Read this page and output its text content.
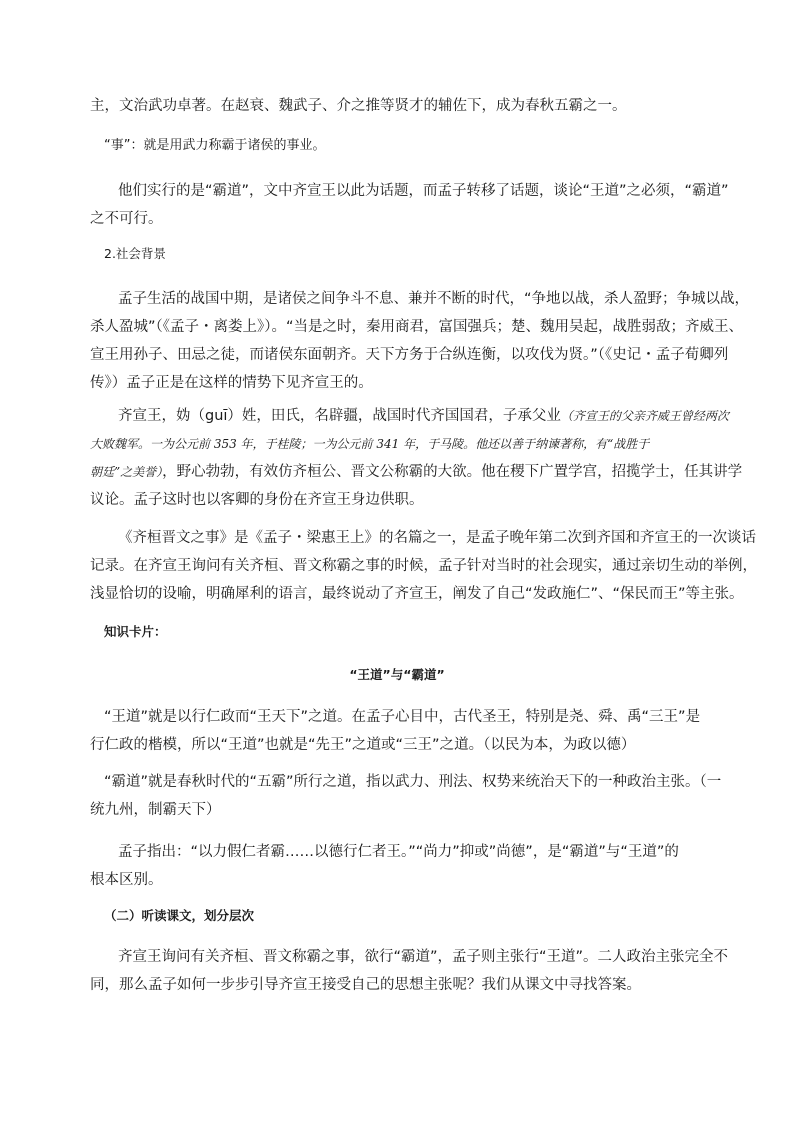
主，文治武功卓著。在赵衰、魏武子、介之推等贤才的辅佐下，成为春秋五霸之一。

“事”：就是用武力称霸于诸侯的事业。

他们实行的是“霸道”，文中齐宣王以此为话题，而孟子转移了话题，谈论“王道”之必须，“霸道”
之不可行。

2.社会背景

孟子生活的战国中期，是诸侯之间争斗不息、兼并不断的时代，“争地以战，杀人盈野；争城以战，
杀人盈城”（《孟子・离娄上》）。“当是之时，秦用商君，富国强兵；楚、魏用吴起，战胜弱敌；齐威王、
宣王用孙子、田忌之徒，而诸侯东面朝齐。天下方务于合纵连衡，以攻伐为贤。”（《史记・孟子荀卿列
传》）孟子正是在这样的情势下见齐宣王的。

齐宣王，妫（guī）姓，田氏，名辟疆，战国时代齐国国君，子承父业（齐宣王的父亲齐威王曾经两次
大败魏军。一为公元前 353 年，于桂陵；一为公元前 341 年，于马陵。他还以善于纳谏著称，有“战胜于
朝廷”之美誉），野心勃勃，有效仿齐桓公、晋文公称霸的大欲。他在稷下广置学宫，招揽学士，任其讲学
议论。孟子这时也以客卿的身份在齐宣王身边供职。

《齐桓晋文之事》是《孟子・梁惠王上》的名篇之一，是孟子晚年第二次到齐国和齐宣王的一次谈话
记录。在齐宣王询问有关齐桓、晋文称霸之事的时候，孟子针对当时的社会现实，通过亲切生动的举例，
浅显恰切的设喻，明确犀利的语言，最终说动了齐宣王，阐发了自己“发政施仁”、“保民而王”等主张。

知识卡片：

“王道”与“霸道”

“王道”就是以行仁政而“王天下”之道。在孟子心目中，古代圣王，特别是尧、舜、禹“三王”是
行仁政的楷模，所以“王道”也就是“先王”之道或“三王”之道。（以民为本，为政以德）

“霸道”就是春秋时代的“五霸”所行之道，指以武力、刑法、权势来统治天下的一种政治主张。（一
统九州，制霸天下）

孟子指出：“以力假仁者霸……以德行仁者王。”“尚力”抑或”尚德”，是“霸道”与“王道”的
根本区别。

（二）听读课文，划分层次

齐宣王询问有关齐桓、晋文称霸之事，欲行“霸道”，孟子则主张行“王道”。二人政治主张完全不
同，那么孟子如何一步步引导齐宣王接受自己的思想主张呢？我们从课文中寻找答案。
